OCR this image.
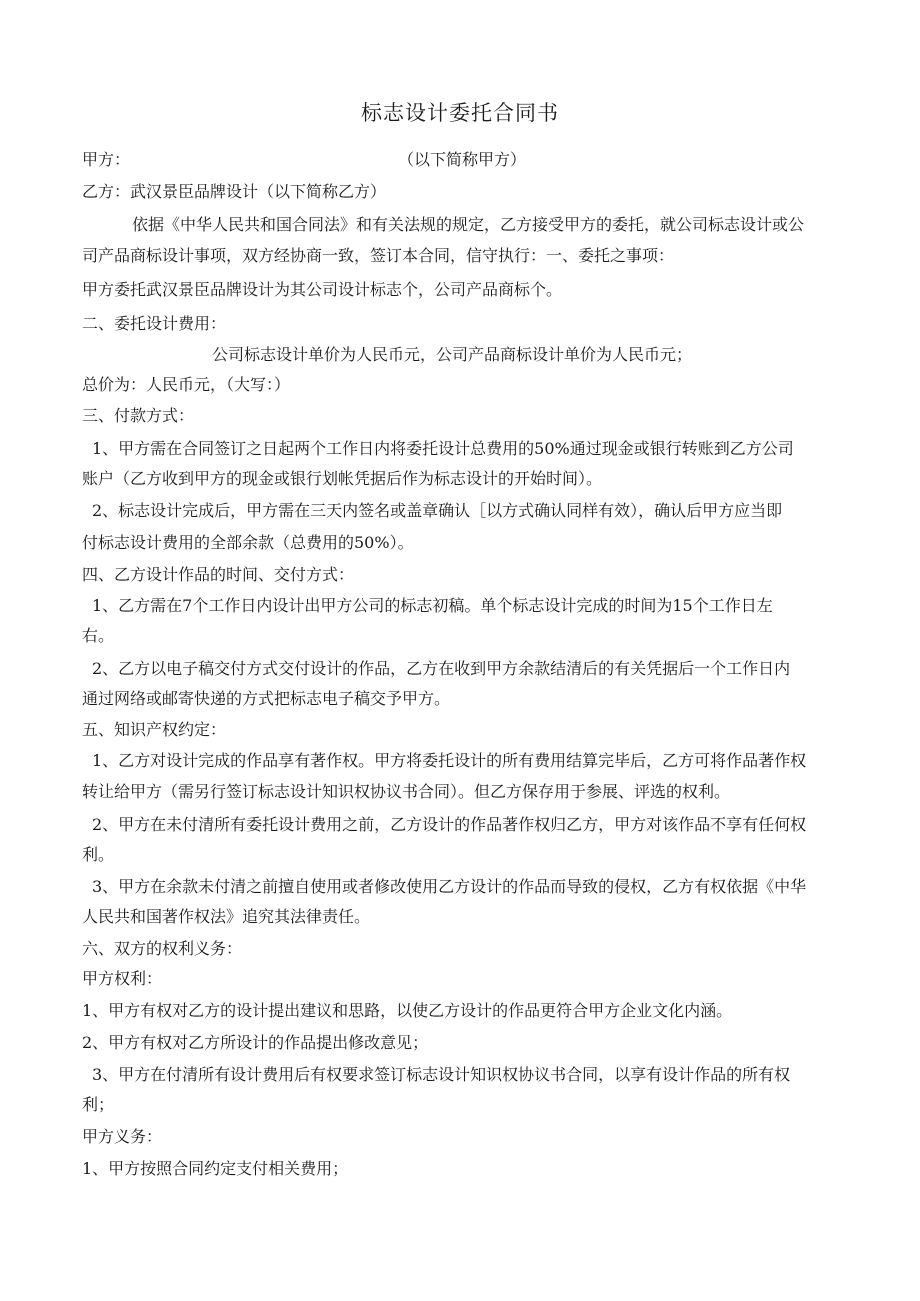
标志设计委托合同书
甲方：	（以下简称甲方）
乙方：武汉景臣品牌设计（以下简称乙方）
依据《中华人民共和国合同法》和有关法规的规定，乙方接受甲方的委托，就公司标志设计或公
司产品商标设计事项，双方经协商一致，签订本合同，信守执行：一、委托之事项：
甲方委托武汉景臣品牌设计为其公司设计标志个，公司产品商标个。
二、委托设计费用：
公司标志设计单价为人民币元，公司产品商标设计单价为人民币元；
总价为：人民币元，（大写：）
三、付款方式：
1、甲方需在合同签订之日起两个工作日内将委托设计总费用的50%通过现金或银行转账到乙方公司
账户（乙方收到甲方的现金或银行划帐凭据后作为标志设计的开始时间）。
2、标志设计完成后，甲方需在三天内签名或盖章确认［以方式确认同样有效），确认后甲方应当即
付标志设计费用的全部余款（总费用的50%）。
四、乙方设计作品的时间、交付方式：
1、乙方需在7个工作日内设计出甲方公司的标志初稿。单个标志设计完成的时间为15个工作日左
右。
2、乙方以电子稿交付方式交付设计的作品，乙方在收到甲方余款结清后的有关凭据后一个工作日内
通过网络或邮寄快递的方式把标志电子稿交予甲方。
五、知识产权约定：
1、乙方对设计完成的作品享有著作权。甲方将委托设计的所有费用结算完毕后，乙方可将作品著作权
转让给甲方（需另行签订标志设计知识权协议书合同）。但乙方保存用于参展、评选的权利。
2、甲方在未付清所有委托设计费用之前，乙方设计的作品著作权归乙方，甲方对该作品不享有任何权
利。
3、甲方在余款未付清之前擅自使用或者修改使用乙方设计的作品而导致的侵权，乙方有权依据《中华
人民共和国著作权法》追究其法律责任。
六、双方的权利义务：
甲方权利：
1、甲方有权对乙方的设计提出建议和思路，以使乙方设计的作品更符合甲方企业文化内涵。
2、甲方有权对乙方所设计的作品提出修改意见；
3、甲方在付清所有设计费用后有权要求签订标志设计知识权协议书合同，以享有设计作品的所有权
利；
甲方义务：
1、甲方按照合同约定支付相关费用；
